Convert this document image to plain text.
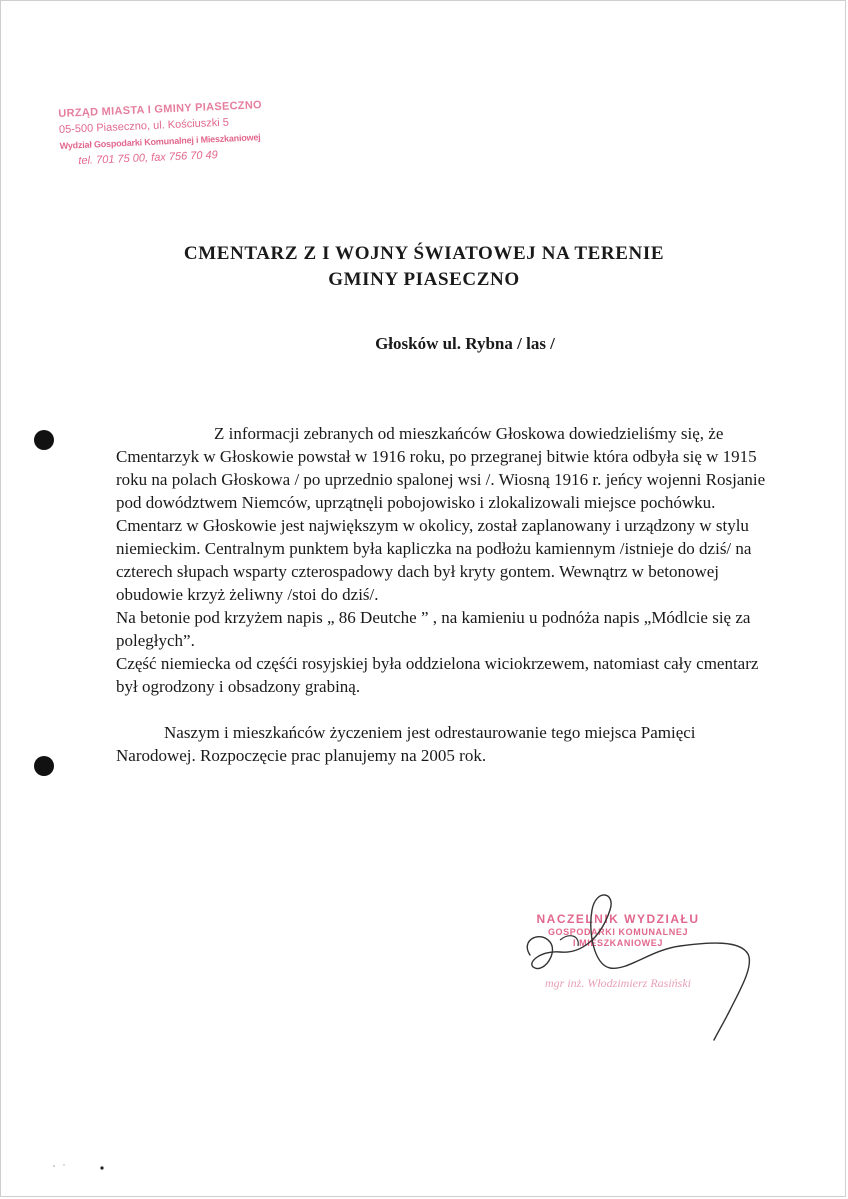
URZĄD MIASTA I GMINY PIASECZNO
05-500 Piaseczno, ul. Kościuszki 5
Wydział Gospodarki Komunalnej i Mieszkaniowej
tel. 701 75 00, fax 756 70 49
CMENTARZ Z I WOJNY ŚWIATOWEJ NA TERENIE
GMINY PIASECZNO
Głosków ul. Rybna / las /

Z informacji zebranych od mieszkańców Głoskowa dowiedzieliśmy się, że Cmentarzyk w Głoskowie powstał w 1916 roku, po przegranej bitwie która odbyła się w 1915 roku na polach Głoskowa / po uprzednio spalonej wsi /. Wiosną 1916 r. jeńcy wojenni Rosjanie pod dowództwem Niemców, uprzątnęli pobojowisko i zlokalizowali miejsce pochówku.

Cmentarz w Głoskowie jest największym w okolicy, został zaplanowany i urządzony w stylu niemieckim. Centralnym punktem była kapliczka na podłożu kamiennym /istnieje do dziś/ na czterech słupach wsparty czterospadowy dach był kryty gontem. Wewnątrz w betonowej obudowie krzyż żeliwny /stoi do dziś/.

Na betonie pod krzyżem napis „ 86 Deutche ” , na kamieniu u podnóża napis „Módlcie się za poległych”.

Część niemiecka od częśći rosyjskiej była oddzielona wiciokrzewem, natomiast cały cmentarz był ogrodzony i obsadzony grabiną.

Naszym i mieszkańców życzeniem jest odrestaurowanie tego miejsca Pamięci Narodowej. Rozpoczęcie prac planujemy na 2005 rok.

NACZELNIK WYDZIAŁU
GOSPODARKI KOMUNALNEJ
I MIESZKANIOWEJ
mgr inż. Włodzimierz Rasiński
